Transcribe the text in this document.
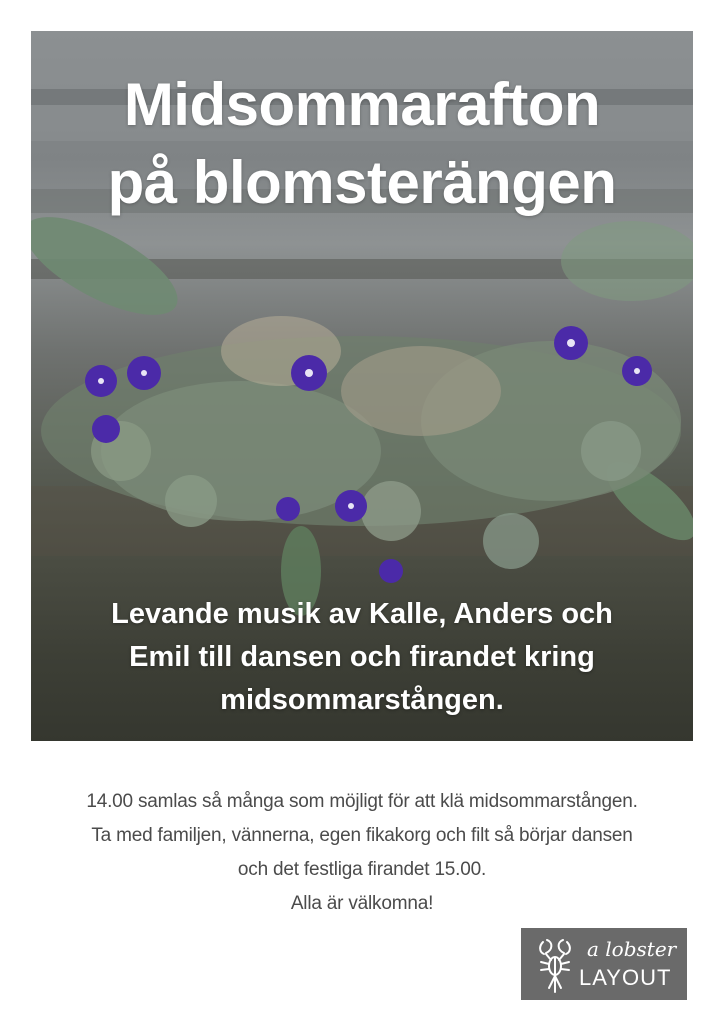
Midsommarafton
på blomsterängen
Levande musik av Kalle, Anders och
Emil till dansen och firandet kring
midsommarstången.
14.00 samlas så många som möjligt för att klä midsommarstången.
Ta med familjen, vännerna, egen fikakorg och filt så börjar dansen
och det festliga firandet 15.00.
Alla är välkomna!
a lobster
LAYOUT
